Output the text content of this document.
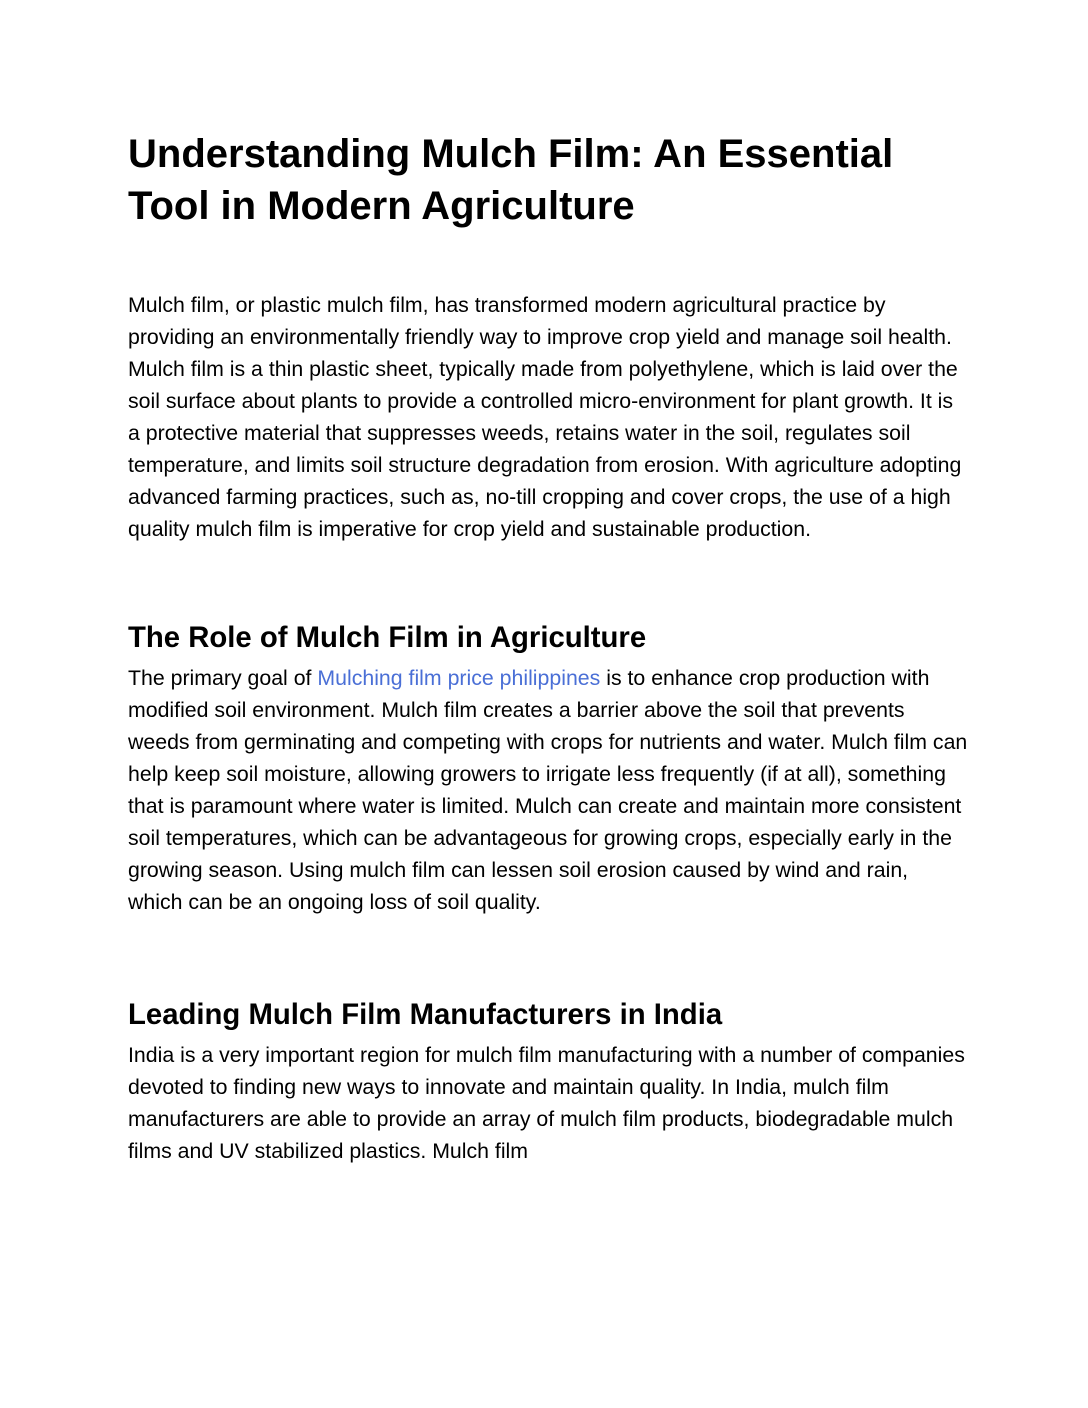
Understanding Mulch Film: An Essential Tool in Modern Agriculture

Mulch film, or plastic mulch film, has transformed modern agricultural practice by providing an environmentally friendly way to improve crop yield and manage soil health. Mulch film is a thin plastic sheet, typically made from polyethylene, which is laid over the soil surface about plants to provide a controlled micro-environment for plant growth. It is a protective material that suppresses weeds, retains water in the soil, regulates soil temperature, and limits soil structure degradation from erosion. With agriculture adopting advanced farming practices, such as, no-till cropping and cover crops, the use of a high quality mulch film is imperative for crop yield and sustainable production.

The Role of Mulch Film in Agriculture

The primary goal of Mulching film price philippines is to enhance crop production with modified soil environment. Mulch film creates a barrier above the soil that prevents weeds from germinating and competing with crops for nutrients and water. Mulch film can help keep soil moisture, allowing growers to irrigate less frequently (if at all), something that is paramount where water is limited. Mulch can create and maintain more consistent soil temperatures, which can be advantageous for growing crops, especially early in the growing season. Using mulch film can lessen soil erosion caused by wind and rain, which can be an ongoing loss of soil quality.

Leading Mulch Film Manufacturers in India

India is a very important region for mulch film manufacturing with a number of companies devoted to finding new ways to innovate and maintain quality. In India, mulch film manufacturers are able to provide an array of mulch film products, biodegradable mulch films and UV stabilized plastics. Mulch film
